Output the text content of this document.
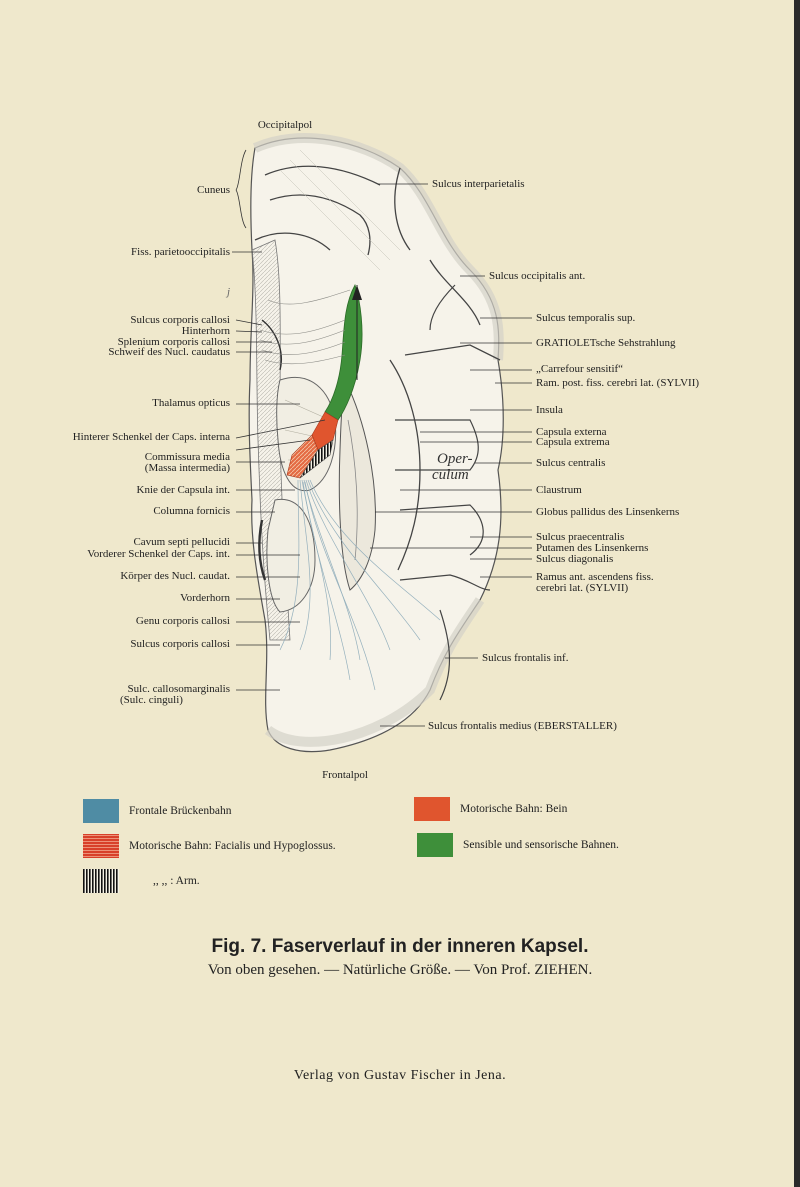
Occipitalpol
Frontalpol
Oper-
culum
Cuneus
Fiss. parietooccipitalis
j
Sulcus corporis callosi
Hinterhorn
Splenium corporis callosi
Schweif des Nucl. caudatus
Thalamus opticus
Hinterer Schenkel der Caps. interna
Commissura media
(Massa intermedia)
Knie der Capsula int.
Columna fornicis
Cavum septi pellucidi
Vorderer Schenkel der Caps. int.
Körper des Nucl. caudat.
Vorderhorn
Genu corporis callosi
Sulcus corporis callosi
Sulc. callosomarginalis
(Sulc. cinguli)
Sulcus interparietalis
Sulcus occipitalis ant.
Sulcus temporalis sup.
GRATIOLETsche Sehstrahlung
„Carrefour sensitif“
Ram. post. fiss. cerebri lat. (SYLVII)
Insula
Capsula externa
Capsula extrema
Sulcus centralis
Claustrum
Globus pallidus des Linsenkerns
Sulcus praecentralis
Putamen des Linsenkerns
Sulcus diagonalis
Ramus ant. ascendens fiss.
cerebri lat. (SYLVII)
Sulcus frontalis inf.
Sulcus frontalis medius (EBERSTALLER)
Frontale Brückenbahn	Motorische Bahn: Bein
Motorische Bahn: Facialis und Hypoglossus.	Sensible und sensorische Bahnen.
,, ,, : Arm.
Fig. 7. Faserverlauf in der inneren Kapsel.
Von oben gesehen. — Natürliche Größe. — Von Prof. ZIEHEN.
Verlag von Gustav Fischer in Jena.
